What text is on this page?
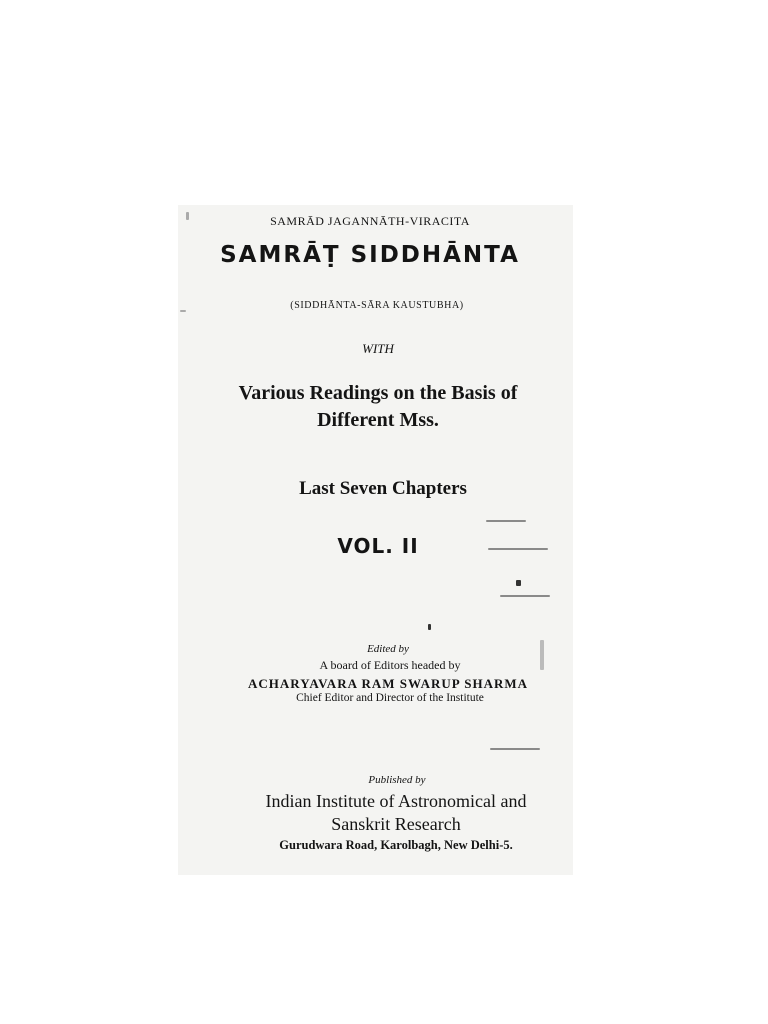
SAMRĀD JAGANNĀTH-VIRACITA

SAMRĀṬ SIDDHĀNTA

(SIDDHĀNTA-SĀRA KAUSTUBHA)

WITH

Various Readings on the Basis of
Different Mss.

Last Seven Chapters

VOL. II

Edited by

A board of Editors headed by

ACHARYAVARA RAM SWARUP SHARMA

Chief Editor and Director of the Institute

Published by

Indian Institute of Astronomical and
Sanskrit Research

Gurudwara Road, Karolbagh, New Delhi-5.
